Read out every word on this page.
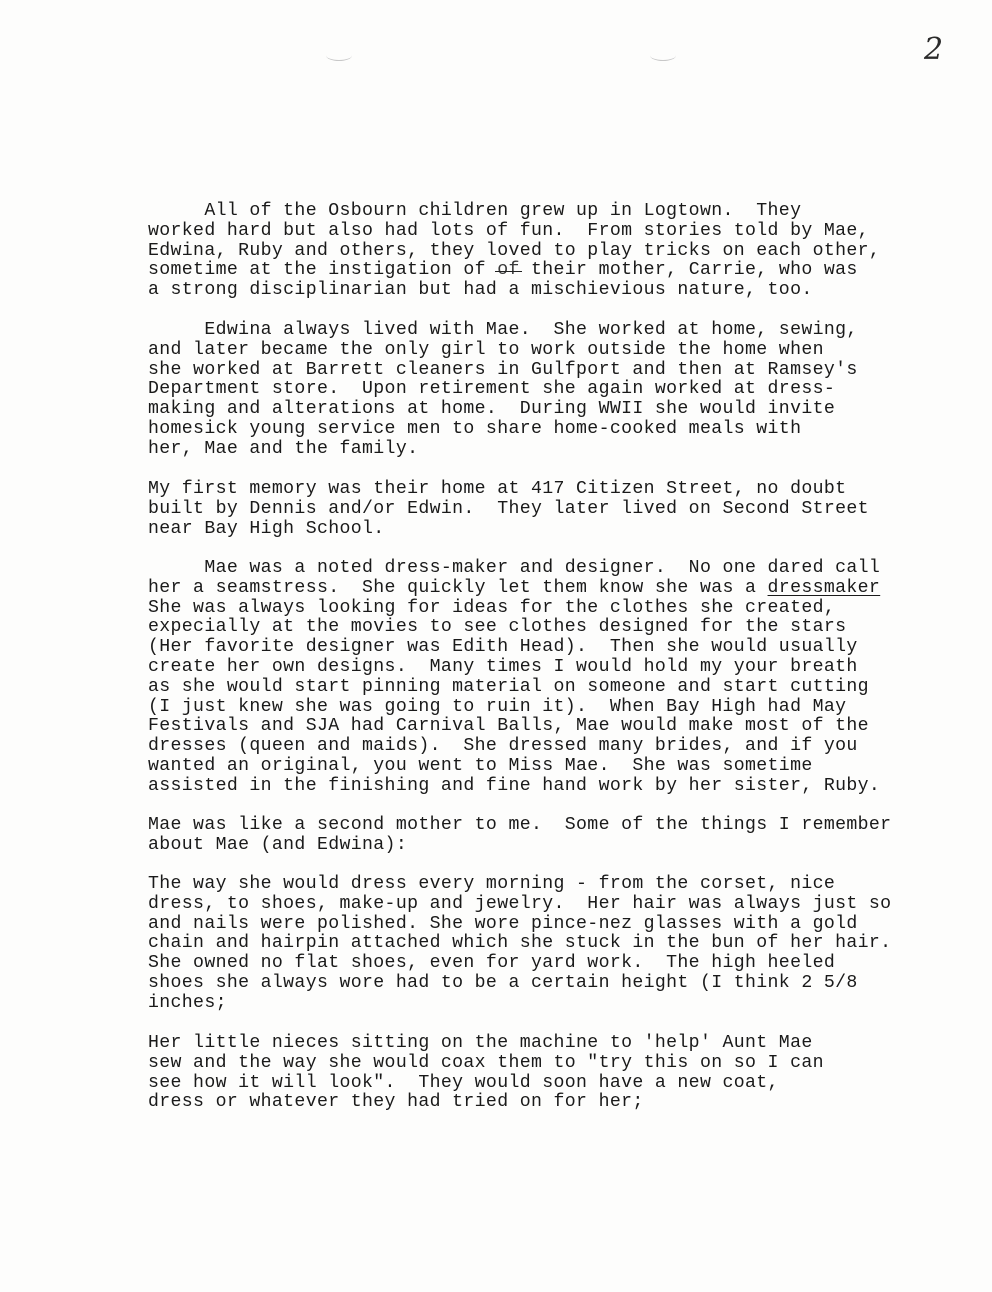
2
All of the Osbourn children grew up in Logtown.  They
worked hard but also had lots of fun.  From stories told by Mae,
Edwina, Ruby and others, they loved to play tricks on each other,
sometime at the instigation of of their mother, Carrie, who was
a strong disciplinarian but had a mischievious nature, too.
Edwina always lived with Mae.  She worked at home, sewing,
and later became the only girl to work outside the home when
she worked at Barrett cleaners in Gulfport and then at Ramsey's
Department store.  Upon retirement she again worked at dress-
making and alterations at home.  During WWII she would invite
homesick young service men to share home-cooked meals with
her, Mae and the family.
My first memory was their home at 417 Citizen Street, no doubt
built by Dennis and/or Edwin.  They later lived on Second Street
near Bay High School.
Mae was a noted dress-maker and designer.  No one dared call
her a seamstress.  She quickly let them know she was a dressmaker
She was always looking for ideas for the clothes she created,
expecially at the movies to see clothes designed for the stars
(Her favorite designer was Edith Head).  Then she would usually
create her own designs.  Many times I would hold my your breath
as she would start pinning material on someone and start cutting
(I just knew she was going to ruin it).  When Bay High had May
Festivals and SJA had Carnival Balls, Mae would make most of the
dresses (queen and maids).  She dressed many brides, and if you
wanted an original, you went to Miss Mae.  She was sometime
assisted in the finishing and fine hand work by her sister, Ruby.
Mae was like a second mother to me.  Some of the things I remember
about Mae (and Edwina):
The way she would dress every morning - from the corset, nice
dress, to shoes, make-up and jewelry.  Her hair was always just so
and nails were polished. She wore pince-nez glasses with a gold
chain and hairpin attached which she stuck in the bun of her hair.
She owned no flat shoes, even for yard work.  The high heeled
shoes she always wore had to be a certain height (I think 2 5/8
inches;
Her little nieces sitting on the machine to 'help' Aunt Mae
sew and the way she would coax them to "try this on so I can
see how it will look".  They would soon have a new coat,
dress or whatever they had tried on for her;
